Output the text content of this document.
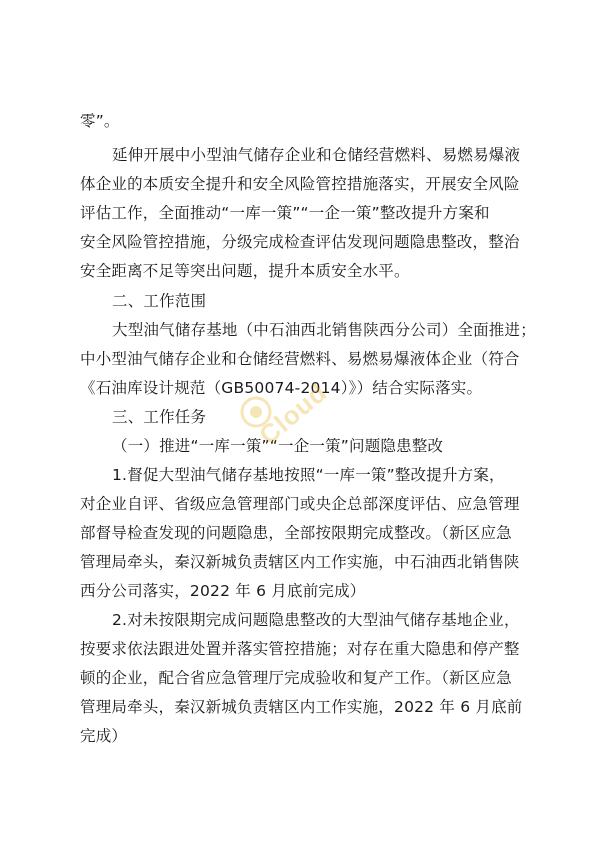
零”。
延伸开展中小型油气储存企业和仓储经营燃料、易燃易爆液
体企业的本质安全提升和安全风险管控措施落实，开展安全风险
评估工作，全面推动“一库一策”“一企一策”整改提升方案和
安全风险管控措施，分级完成检查评估发现问题隐患整改，整治
安全距离不足等突出问题，提升本质安全水平。
二、工作范围
大型油气储存基地（中石油西北销售陕西分公司）全面推进；
中小型油气储存企业和仓储经营燃料、易燃易爆液体企业（符合
《石油库设计规范（GB50074-2014）》）结合实际落实。
三、工作任务
（一）推进“一库一策”“一企一策”问题隐患整改
1.督促大型油气储存基地按照“一库一策”整改提升方案，
对企业自评、省级应急管理部门或央企总部深度评估、应急管理
部督导检查发现的问题隐患，全部按限期完成整改。（新区应急
管理局牵头，秦汉新城负责辖区内工作实施，中石油西北销售陕
西分公司落实，2022 年 6 月底前完成）
2.对未按限期完成问题隐患整改的大型油气储存基地企业，
按要求依法跟进处置并落实管控措施；对存在重大隐患和停产整
顿的企业，配合省应急管理厅完成验收和复产工作。（新区应急
管理局牵头，秦汉新城负责辖区内工作实施，2022 年 6 月底前
完成）
Cloud
